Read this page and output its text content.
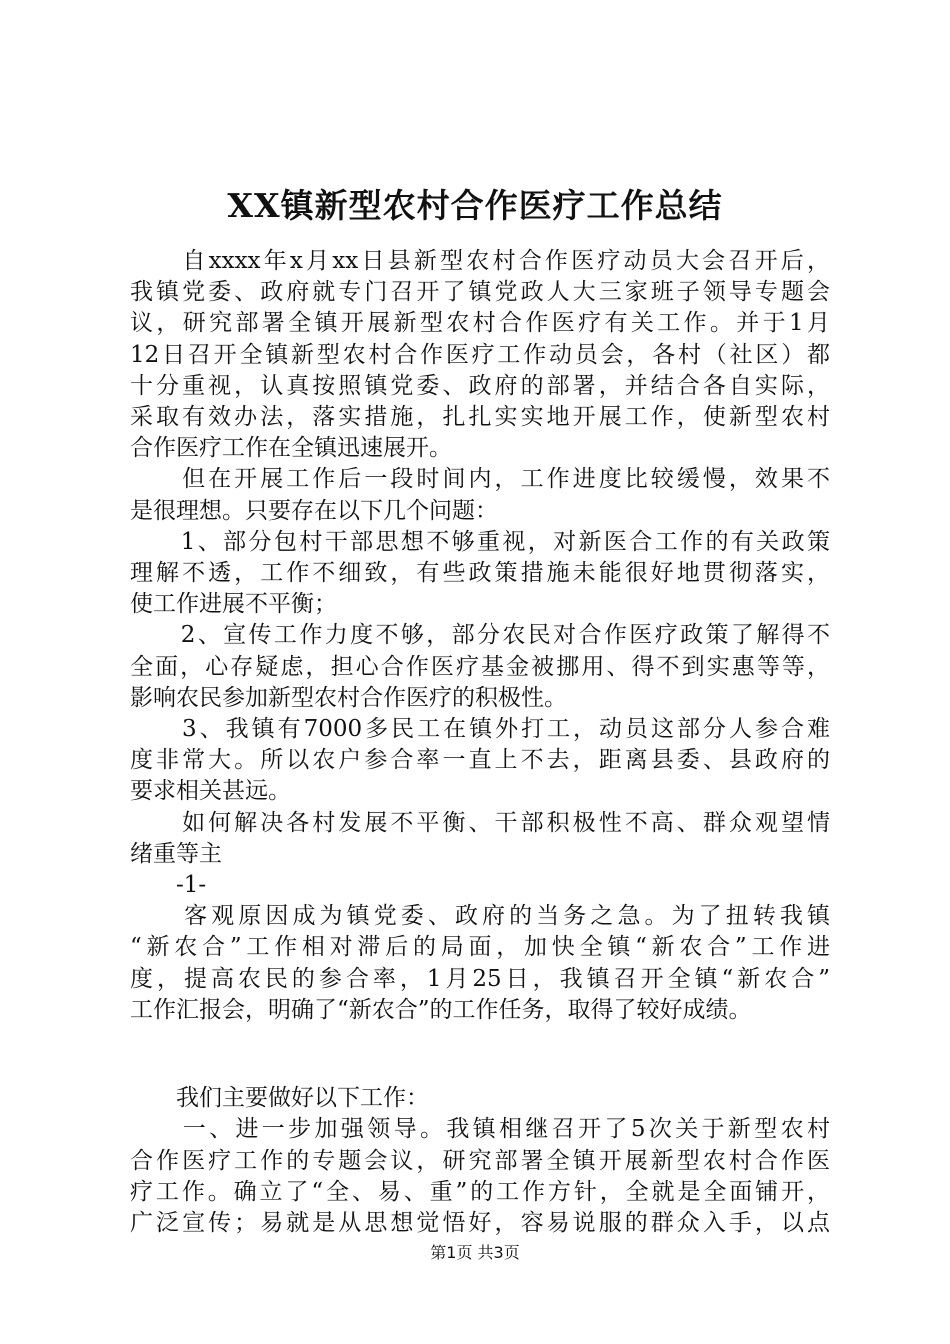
XX镇新型农村合作医疗工作总结
　　自xxxx年x月xx日县新型农村合作医疗动员大会召开后，
我镇党委、政府就专门召开了镇党政人大三家班子领导专题会
议，研究部署全镇开展新型农村合作医疗有关工作。并于1月
12日召开全镇新型农村合作医疗工作动员会，各村（社区）都
十分重视，认真按照镇党委、政府的部署，并结合各自实际，
采取有效办法，落实措施，扎扎实实地开展工作，使新型农村
合作医疗工作在全镇迅速展开。
　　但在开展工作后一段时间内，工作进度比较缓慢，效果不
是很理想。只要存在以下几个问题：
　　1、部分包村干部思想不够重视，对新医合工作的有关政策
理解不透，工作不细致，有些政策措施未能很好地贯彻落实，
使工作进展不平衡；
　　2、宣传工作力度不够，部分农民对合作医疗政策了解得不
全面，心存疑虑，担心合作医疗基金被挪用、得不到实惠等等，
影响农民参加新型农村合作医疗的积极性。
　　3、我镇有7000多民工在镇外打工，动员这部分人参合难
度非常大。所以农户参合率一直上不去，距离县委、县政府的
要求相关甚远。
　　如何解决各村发展不平衡、干部积极性不高、群众观望情
绪重等主
　　-1-
　　客观原因成为镇党委、政府的当务之急。为了扭转我镇
“新农合”工作相对滞后的局面，加快全镇“新农合”工作进
度，提高农民的参合率，1月25日，我镇召开全镇“新农合”
工作汇报会，明确了“新农合”的工作任务，取得了较好成绩。
　　我们主要做好以下工作：
　　一、进一步加强领导。我镇相继召开了5次关于新型农村
合作医疗工作的专题会议，研究部署全镇开展新型农村合作医
疗工作。确立了“全、易、重”的工作方针，全就是全面铺开，
广泛宣传；易就是从思想觉悟好，容易说服的群众入手，以点
第1页 共3页
